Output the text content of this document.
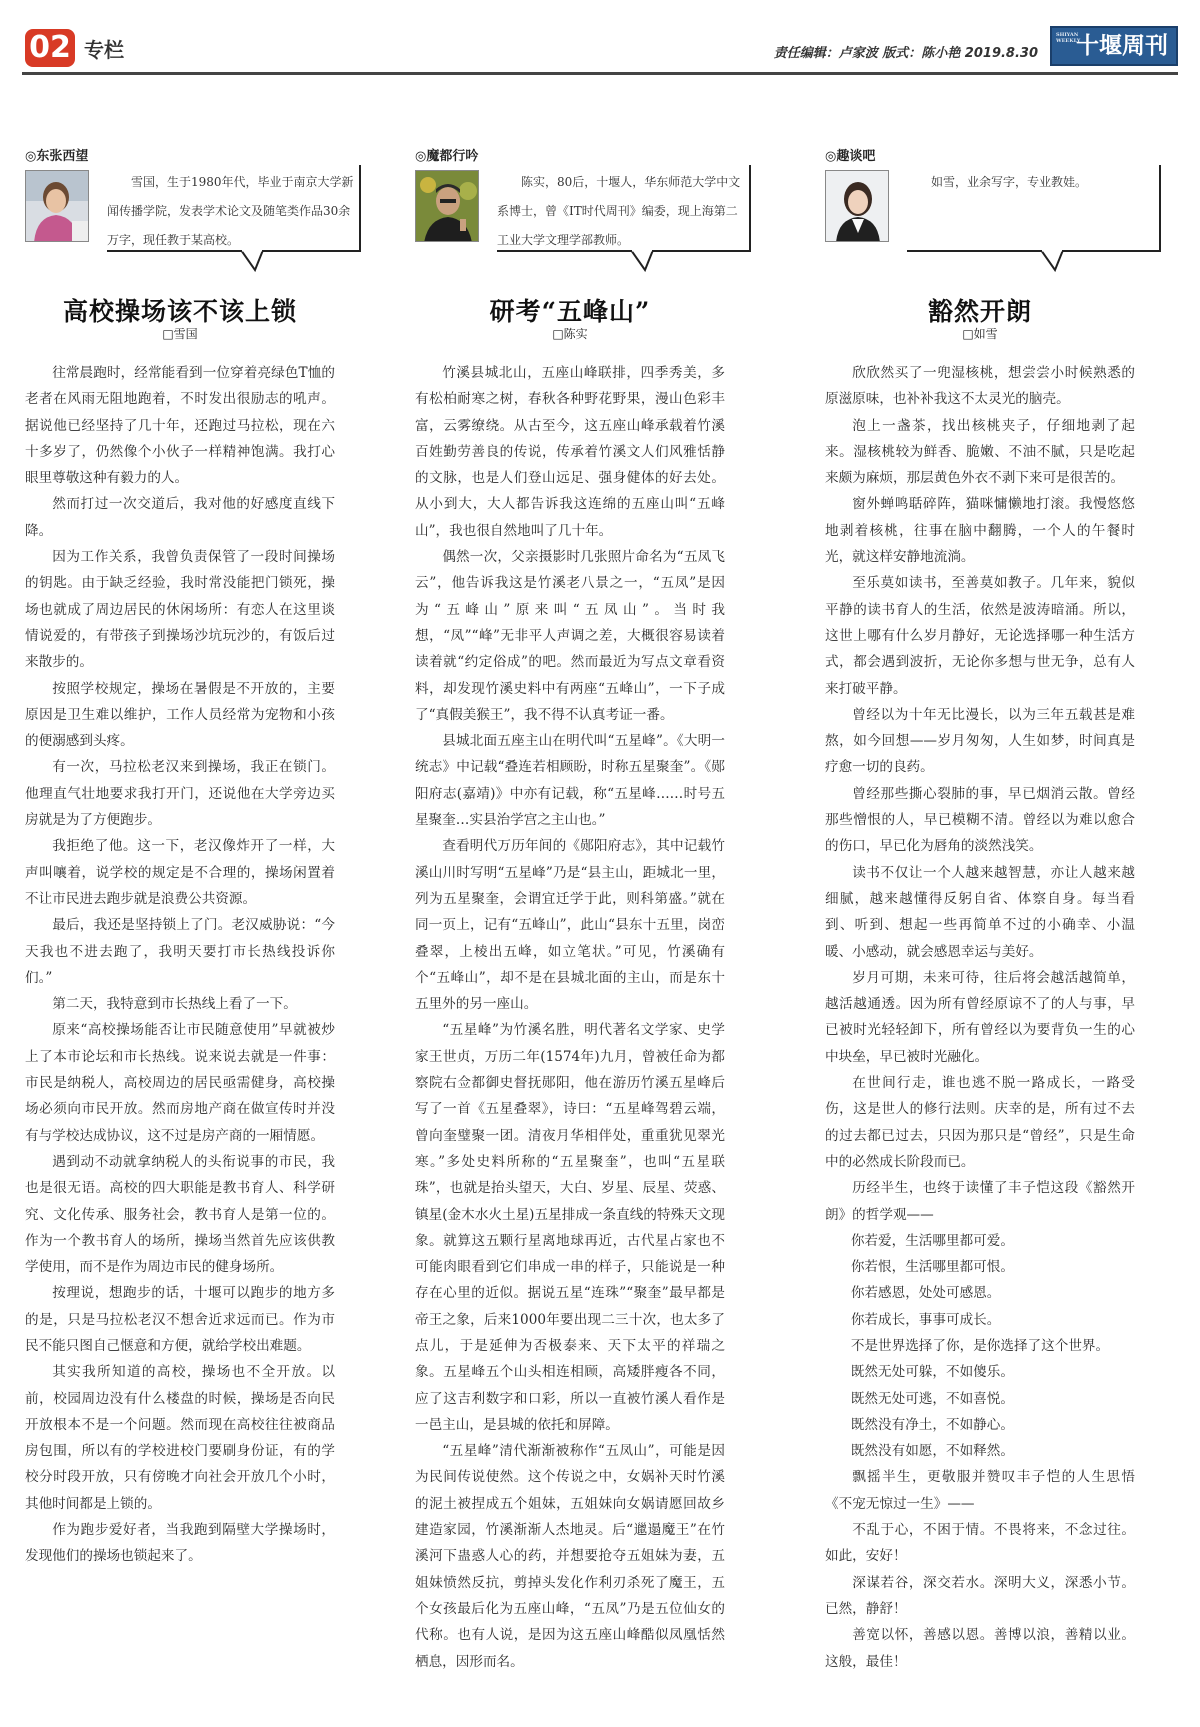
02 专栏	责任编辑：卢家波 版式：陈小艳 2019.8.30
SHIYAN WEEKLY
十堰周刊
◎东张西望
雪国，生于1980年代，毕业于南京大学新闻传播学院，发表学术论文及随笔类作品30余万字，现任教于某高校。
高校操场该不该上锁
□雪国

往常晨跑时，经常能看到一位穿着亮绿色T恤的老者在风雨无阻地跑着，不时发出很励志的吼声。据说他已经坚持了几十年，还跑过马拉松，现在六十多岁了，仍然像个小伙子一样精神饱满。我打心眼里尊敬这种有毅力的人。

然而打过一次交道后，我对他的好感度直线下降。

因为工作关系，我曾负责保管了一段时间操场的钥匙。由于缺乏经验，我时常没能把门锁死，操场也就成了周边居民的休闲场所：有恋人在这里谈情说爱的，有带孩子到操场沙坑玩沙的，有饭后过来散步的。

按照学校规定，操场在暑假是不开放的，主要原因是卫生难以维护，工作人员经常为宠物和小孩的便溺感到头疼。

有一次，马拉松老汉来到操场，我正在锁门。他理直气壮地要求我打开门，还说他在大学旁边买房就是为了方便跑步。

我拒绝了他。这一下，老汉像炸开了一样，大声叫嚷着，说学校的规定是不合理的，操场闲置着不让市民进去跑步就是浪费公共资源。

最后，我还是坚持锁上了门。老汉威胁说：“今天我也不进去跑了，我明天要打市长热线投诉你们。”

第二天，我特意到市长热线上看了一下。

原来“高校操场能否让市民随意使用”早就被炒上了本市论坛和市长热线。说来说去就是一件事：市民是纳税人，高校周边的居民亟需健身，高校操场必须向市民开放。然而房地产商在做宣传时并没有与学校达成协议，这不过是房产商的一厢情愿。

遇到动不动就拿纳税人的头衔说事的市民，我也是很无语。高校的四大职能是教书育人、科学研究、文化传承、服务社会，教书育人是第一位的。作为一个教书育人的场所，操场当然首先应该供教学使用，而不是作为周边市民的健身场所。

按理说，想跑步的话，十堰可以跑步的地方多的是，只是马拉松老汉不想舍近求远而已。作为市民不能只图自己惬意和方便，就给学校出难题。

其实我所知道的高校，操场也不全开放。以前，校园周边没有什么楼盘的时候，操场是否向民开放根本不是一个问题。然而现在高校往往被商品房包围，所以有的学校进校门要刷身份证，有的学校分时段开放，只有傍晚才向社会开放几个小时，其他时间都是上锁的。

作为跑步爱好者，当我跑到隔壁大学操场时，发现他们的操场也锁起来了。

◎魔都行吟
陈实，80后，十堰人，华东师范大学中文系博士，曾《IT时代周刊》编委，现上海第二工业大学文理学部教师。
研考“五峰山”
□陈实

竹溪县城北山，五座山峰联排，四季秀美，多有松柏耐寒之树，春秋各种野花野果，漫山色彩丰富，云雾缭绕。从古至今，这五座山峰承载着竹溪百姓勤劳善良的传说，传承着竹溪文人们风雅恬静的文脉，也是人们登山远足、强身健体的好去处。从小到大，大人都告诉我这连绵的五座山叫“五峰山”，我也很自然地叫了几十年。

偶然一次，父亲摄影时几张照片命名为“五凤飞云”，他告诉我这是竹溪老八景之一，“五凤”是因为“五峰山”原来叫“五凤山”。当时我想，“凤”“峰”无非平人声调之差，大概很容易读着读着就“约定俗成”的吧。然而最近为写点文章看资料，却发现竹溪史料中有两座“五峰山”，一下子成了“真假美猴王”，我不得不认真考证一番。

县城北面五座主山在明代叫“五星峰”。《大明一统志》中记载“叠连若相顾盼，时称五星聚奎”。《郧阳府志(嘉靖)》中亦有记载，称“五星峰……时号五星聚奎…实县治学宫之主山也。”

查看明代万历年间的《郧阳府志》，其中记载竹溪山川时写明“五星峰”乃是“县主山，距城北一里，列为五星聚奎，会谓宜迁学于此，则科第盛。”就在同一页上，记有“五峰山”，此山“县东十五里，岗峦叠翠，上棱出五峰，如立笔状。”可见，竹溪确有个“五峰山”，却不是在县城北面的主山，而是东十五里外的另一座山。

“五星峰”为竹溪名胜，明代著名文学家、史学家王世贞，万历二年(1574年)九月，曾被任命为都察院右佥都御史督抚郧阳，他在游历竹溪五星峰后写了一首《五星叠翠》，诗曰：“五星峰驾碧云端，曾向奎璧聚一团。清夜月华相伴处，重重犹见翠光寒。”多处史料所称的“五星聚奎”，也叫“五星联珠”，也就是抬头望天，大白、岁星、辰星、荧惑、镇星(金木水火土星)五星排成一条直线的特殊天文现象。就算这五颗行星离地球再近，古代星占家也不可能肉眼看到它们串成一串的样子，只能说是一种存在心里的近似。据说五星“连珠”“聚奎”最早都是帝王之象，后来1000年要出现二三十次，也太多了点儿，于是延伸为否极泰来、天下太平的祥瑞之象。五星峰五个山头相连相顾，高矮胖瘦各不同，应了这吉利数字和口彩，所以一直被竹溪人看作是一邑主山，是县城的依托和屏障。

“五星峰”清代渐渐被称作“五凤山”，可能是因为民间传说使然。这个传说之中，女娲补天时竹溪的泥土被捏成五个姐妹，五姐妹向女娲请愿回故乡建造家园，竹溪渐渐人杰地灵。后“邋遢魔王”在竹溪河下蛊惑人心的药，并想要抢夺五姐妹为妻，五姐妹愤然反抗，剪掉头发化作利刃杀死了魔王，五个女孩最后化为五座山峰，“五凤”乃是五位仙女的代称。也有人说，是因为这五座山峰酷似凤凰恬然栖息，因形而名。

◎趣谈吧
如雪，业余写字，专业教娃。
豁然开朗
□如雪

欣欣然买了一兜湿核桃，想尝尝小时候熟悉的原滋原味，也补补我这不太灵光的脑壳。

泡上一盏茶，找出核桃夹子，仔细地剥了起来。湿核桃较为鲜香、脆嫩、不油不腻，只是吃起来颇为麻烦，那层黄色外衣不剥下来可是很苦的。

窗外蝉鸣聒碎阵，猫咪慵懒地打滚。我慢悠悠地剥着核桃，往事在脑中翻腾，一个人的午餐时光，就这样安静地流淌。

至乐莫如读书，至善莫如教子。几年来，貌似平静的读书育人的生活，依然是波涛暗涌。所以，这世上哪有什么岁月静好，无论选择哪一种生活方式，都会遇到波折，无论你多想与世无争，总有人来打破平静。

曾经以为十年无比漫长，以为三年五载甚是难熬，如今回想——岁月匆匆，人生如梦，时间真是疗愈一切的良药。

曾经那些撕心裂肺的事，早已烟消云散。曾经那些憎恨的人，早已模糊不清。曾经以为难以愈合的伤口，早已化为唇角的淡然浅笑。

读书不仅让一个人越来越智慧，亦让人越来越细腻，越来越懂得反躬自省、体察自身。每当看到、听到、想起一些再简单不过的小确幸、小温暖、小感动，就会感恩幸运与美好。

岁月可期，未来可待，往后将会越活越简单，越活越通透。因为所有曾经原谅不了的人与事，早已被时光轻轻卸下，所有曾经以为要背负一生的心中块垒，早已被时光融化。

在世间行走，谁也逃不脱一路成长，一路受伤，这是世人的修行法则。庆幸的是，所有过不去的过去都已过去，只因为那只是“曾经”，只是生命中的必然成长阶段而已。

历经半生，也终于读懂了丰子恺这段《豁然开朗》的哲学观——

你若爱，生活哪里都可爱。

你若恨，生活哪里都可恨。

你若感恩，处处可感恩。

你若成长，事事可成长。

不是世界选择了你，是你选择了这个世界。

既然无处可躲，不如傻乐。

既然无处可逃，不如喜悦。

既然没有净土，不如静心。

既然没有如愿，不如释然。

飘摇半生，更敬服并赞叹丰子恺的人生思悟《不宠无惊过一生》——

不乱于心，不困于情。不畏将来，不念过往。如此，安好！

深谋若谷，深交若水。深明大义，深悉小节。已然，静舒！

善宽以怀，善感以恩。善博以浪，善精以业。这般，最佳！
